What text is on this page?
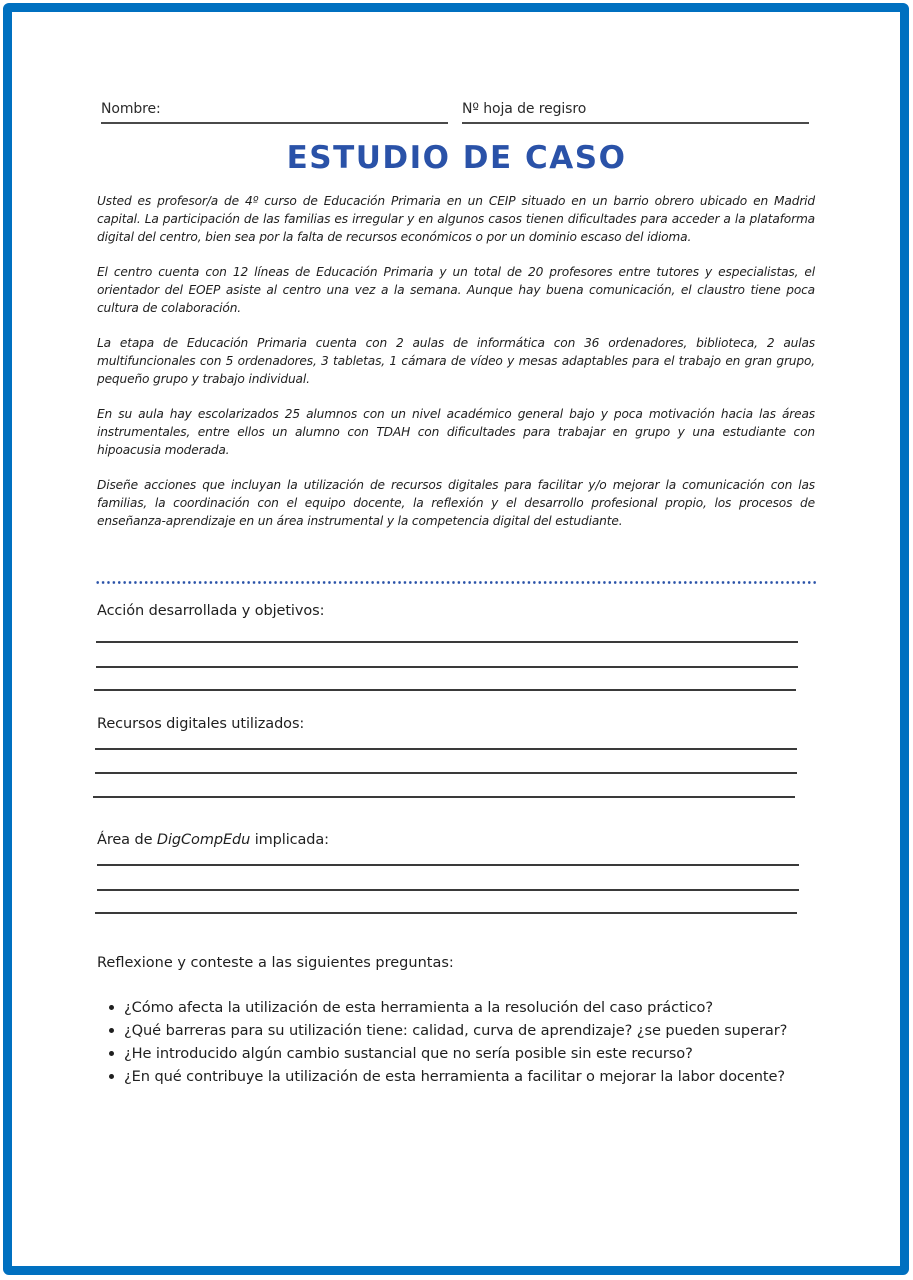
Nombre:	Nº hoja de regisro
ESTUDIO DE CASO

Usted es profesor/a de 4º curso de Educación Primaria en un CEIP situado en un barrio obrero ubicado en Madrid capital. La participación de las familias es irregular y en algunos casos tienen dificultades para acceder a la plataforma digital del centro, bien sea por la falta de recursos económicos o por un dominio escaso del idioma.

El centro cuenta con 12 líneas de Educación Primaria y un total de 20 profesores entre tutores y especialistas, el orientador del EOEP asiste al centro una vez a la semana. Aunque hay buena comunicación, el claustro tiene poca cultura de colaboración.

La etapa de Educación Primaria cuenta con 2 aulas de informática con 36 ordenadores, biblioteca, 2 aulas multifuncionales con 5 ordenadores, 3 tabletas, 1 cámara de vídeo y mesas adaptables para el trabajo en gran grupo, pequeño grupo y trabajo individual.

En su aula hay escolarizados 25 alumnos con un nivel académico general bajo y poca motivación hacia las áreas instrumentales, entre ellos un alumno con TDAH con dificultades para trabajar en grupo y una estudiante con hipoacusia moderada.

Diseñe acciones que incluyan la utilización de recursos digitales para facilitar y/o mejorar la comunicación con las familias, la coordinación con el equipo docente, la reflexión y el desarrollo profesional propio, los procesos de enseñanza-aprendizaje en un área instrumental y la competencia digital del estudiante.

Acción desarrollada y objetivos:
Recursos digitales utilizados:
Área de DigCompEdu implicada:
Reflexione y conteste a las siguientes preguntas:
¿Cómo afecta la utilización de esta herramienta a la resolución del caso práctico?
¿Qué barreras para su utilización tiene: calidad, curva de aprendizaje? ¿se pueden superar?
¿He introducido algún cambio sustancial que no sería posible sin este recurso?
¿En qué contribuye la utilización de esta herramienta a facilitar o mejorar la labor docente?
